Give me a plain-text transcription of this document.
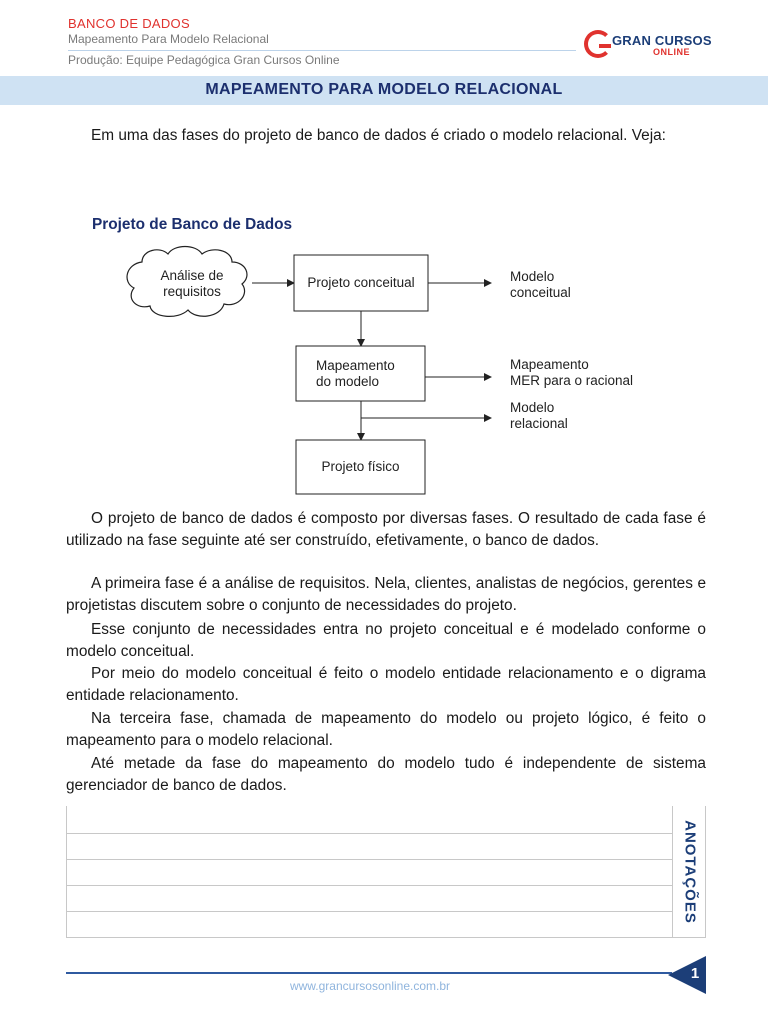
BANCO DE DADOS
Mapeamento Para Modelo Relacional
Produção: Equipe Pedagógica Gran Cursos Online
GRAN CURSOS
ONLINE
MAPEAMENTO PARA MODELO RELACIONAL

Em uma das fases do projeto de banco de dados é criado o modelo relacional. Veja:

Projeto de Banco de Dados
Análise de
requisitos
Projeto conceitual
Mapeamento
do modelo
Projeto físico
Modelo
conceitual
Mapeamento
MER para o racional
Modelo
relacional

O projeto de banco de dados é composto por diversas fases. O resultado de cada fase é utilizado na fase seguinte até ser construído, efetivamente, o banco de dados.

A primeira fase é a análise de requisitos. Nela, clientes, analistas de negócios, gerentes e projetistas discutem sobre o conjunto de necessidades do projeto.

Esse conjunto de necessidades entra no projeto conceitual e é modelado conforme o modelo conceitual.

Por meio do modelo conceitual é feito o modelo entidade relacionamento e o digrama entidade relacionamento.

Na terceira fase, chamada de mapeamento do modelo ou projeto lógico, é feito o mapeamento para o modelo relacional.

Até metade da fase do mapeamento do modelo tudo é independente de sistema gerenciador de banco de dados.

ANOTAÇÕES
www.grancursosonline.com.br
1
